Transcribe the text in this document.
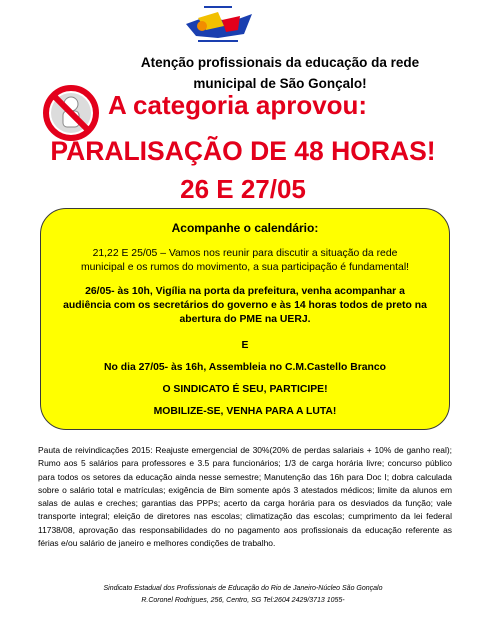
Atenção profissionais da educação da rede
municipal de São Gonçalo!
A categoria aprovou:
PARALISAÇÃO DE 48 HORAS!
26 E 27/05
Acompanhe o calendário:
21,22 E 25/05 – Vamos nos reunir para discutir a situação da rede
municipal e os rumos do movimento, a sua participação é fundamental!
26/05- às 10h, Vigília na porta da prefeitura, venha acompanhar a
audiência com os secretários do governo e às 14 horas todos de preto na
abertura do PME na UERJ.
E
No dia 27/05- às 16h, Assembleia no C.M.Castello Branco
O SINDICATO É SEU, PARTICIPE!
MOBILIZE-SE, VENHA PARA A LUTA!
Pauta de reivindicações 2015: Reajuste emergencial de 30%(20% de perdas salariais + 10% de ganho real); Rumo aos 5 salários para professores e 3.5 para funcionários; 1/3 de carga horária livre; concurso público para todos os setores da educação ainda nesse semestre; Manutenção das 16h para Doc I; dobra calculada sobre o salário total e matrículas; exigência de Bim somente após 3 atestados médicos; limite da alunos em salas de aulas e creches; garantias das PPPs; acerto da carga horária para os desviados da função; vale transporte integral; eleição de diretores nas escolas; climatização das escolas; cumprimento da lei federal 11738/08, aprovação das responsabilidades do no pagamento aos profissionais da educação referente as férias e/ou salário de janeiro e melhores condições de trabalho.
Sindicato Estadual dos Profissionais de Educação do Rio de Janeiro-Núcleo São Gonçalo
R.Coronel Rodrigues, 256, Centro, SG Tel:2604 2429/3713 1055-
